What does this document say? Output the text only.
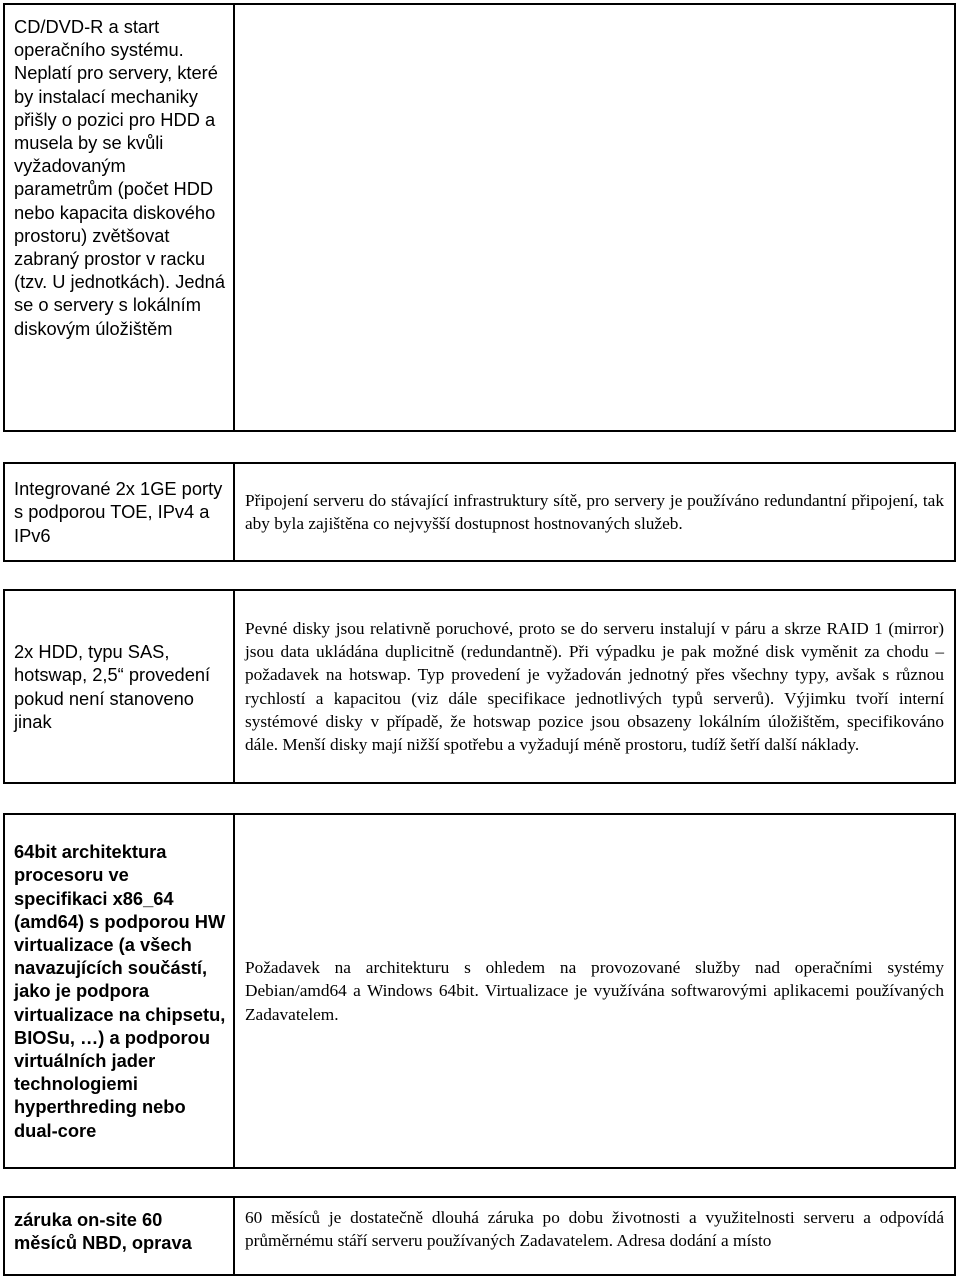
CD/DVD-R a start operačního systému. Neplatí pro servery, které by instalací mechaniky přišly o pozici pro HDD a musela by se kvůli vyžadovaným parametrům (počet HDD nebo kapacita diskového prostoru) zvětšovat zabraný prostor v racku (tzv. U jednotkách). Jedná se o servery s lokálním diskovým úložištěm
Integrované 2x 1GE porty s podporou TOE, IPv4 a IPv6
Připojení serveru do stávající infrastruktury sítě, pro servery je používáno redundantní připojení, tak aby byla zajištěna co nejvyšší dostupnost hostnovaných služeb.
2x HDD, typu SAS, hotswap, 2,5“ provedení pokud není stanoveno jinak
Pevné disky jsou relativně poruchové, proto se do serveru instalují v páru a skrze RAID 1 (mirror) jsou data ukládána duplicitně (redundantně). Při výpadku je pak možné disk vyměnit za chodu – požadavek na hotswap. Typ provedení je vyžadován jednotný přes všechny typy, avšak s různou rychlostí a kapacitou (viz dále specifikace jednotlivých typů serverů). Výjimku tvoří interní systémové disky v případě, že hotswap pozice jsou obsazeny lokálním úložištěm, specifikováno dále. Menší disky mají nižší spotřebu a vyžadují méně prostoru, tudíž šetří další náklady.
64bit architektura procesoru ve specifikaci x86_64 (amd64) s podporou HW virtualizace (a všech navazujících součástí, jako je podpora virtualizace na chipsetu, BIOSu, …) a podporou virtuálních jader technologiemi hyperthreding nebo dual-core
Požadavek na architekturu s ohledem na provozované služby nad operačními systémy Debian/amd64 a Windows 64bit. Virtualizace je využívána softwarovými aplikacemi používaných Zadavatelem.
záruka on-site 60 měsíců NBD, oprava
60 měsíců je dostatečně dlouhá záruka po dobu životnosti a využitelnosti serveru a odpovídá průměrnému stáří serveru používaných Zadavatelem. Adresa dodání a místo
